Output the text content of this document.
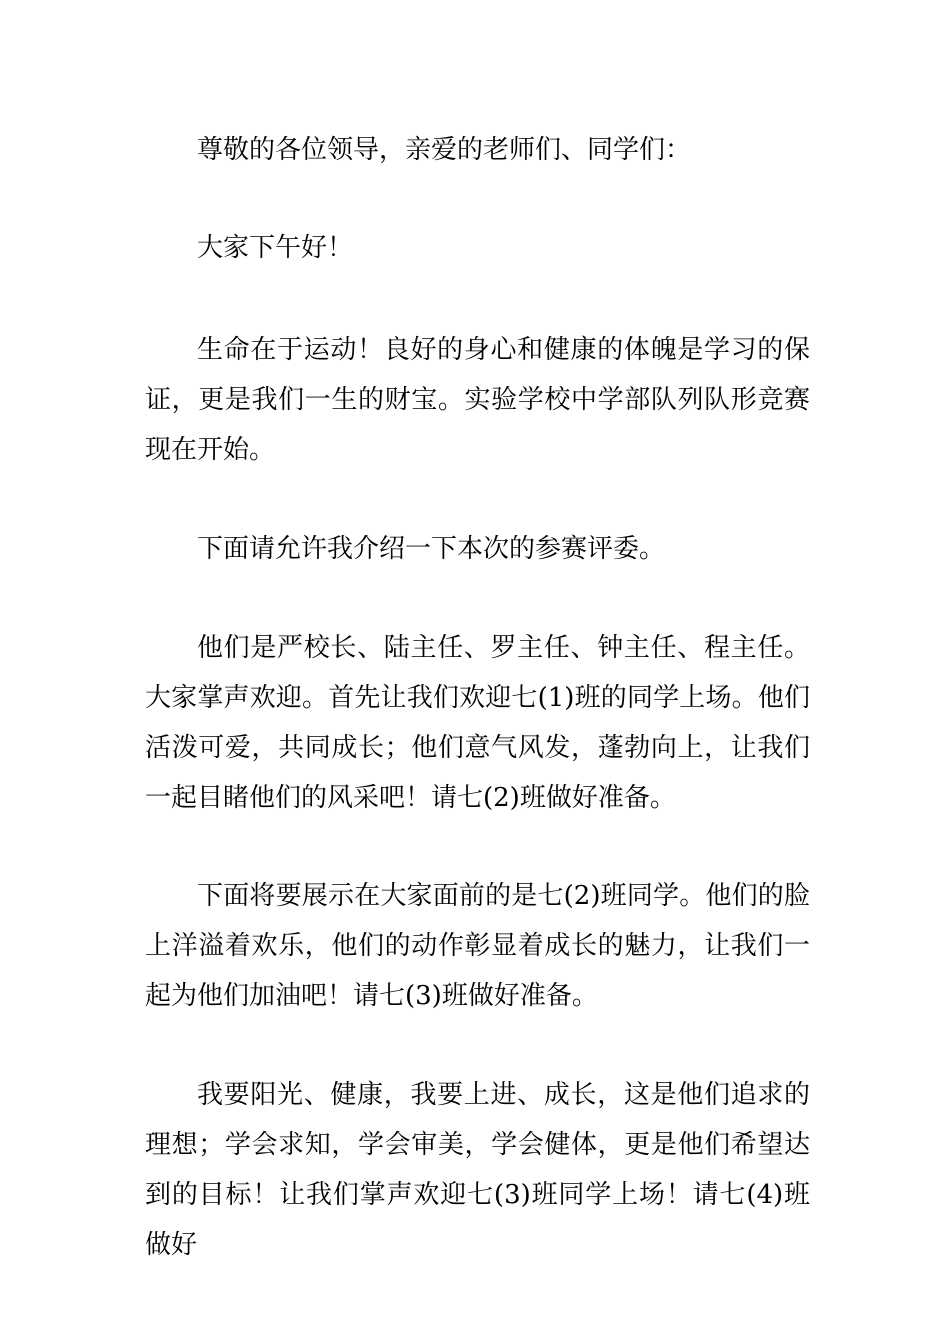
尊敬的各位领导，亲爱的老师们、同学们：

大家下午好！

生命在于运动！良好的身心和健康的体魄是学习的保证，更是我们一生的财宝。实验学校中学部队列队形竞赛现在开始。

下面请允许我介绍一下本次的参赛评委。

他们是严校长、陆主任、罗主任、钟主任、程主任。大家掌声欢迎。首先让我们欢迎七(1)班的同学上场。他们活泼可爱，共同成长；他们意气风发，蓬勃向上，让我们一起目睹他们的风采吧！请七(2)班做好准备。

下面将要展示在大家面前的是七(2)班同学。他们的脸上洋溢着欢乐，他们的动作彰显着成长的魅力，让我们一起为他们加油吧！请七(3)班做好准备。

我要阳光、健康，我要上进、成长，这是他们追求的理想；学会求知，学会审美，学会健体，更是他们希望达到的目标！让我们掌声欢迎七(3)班同学上场！请七(4)班做好
